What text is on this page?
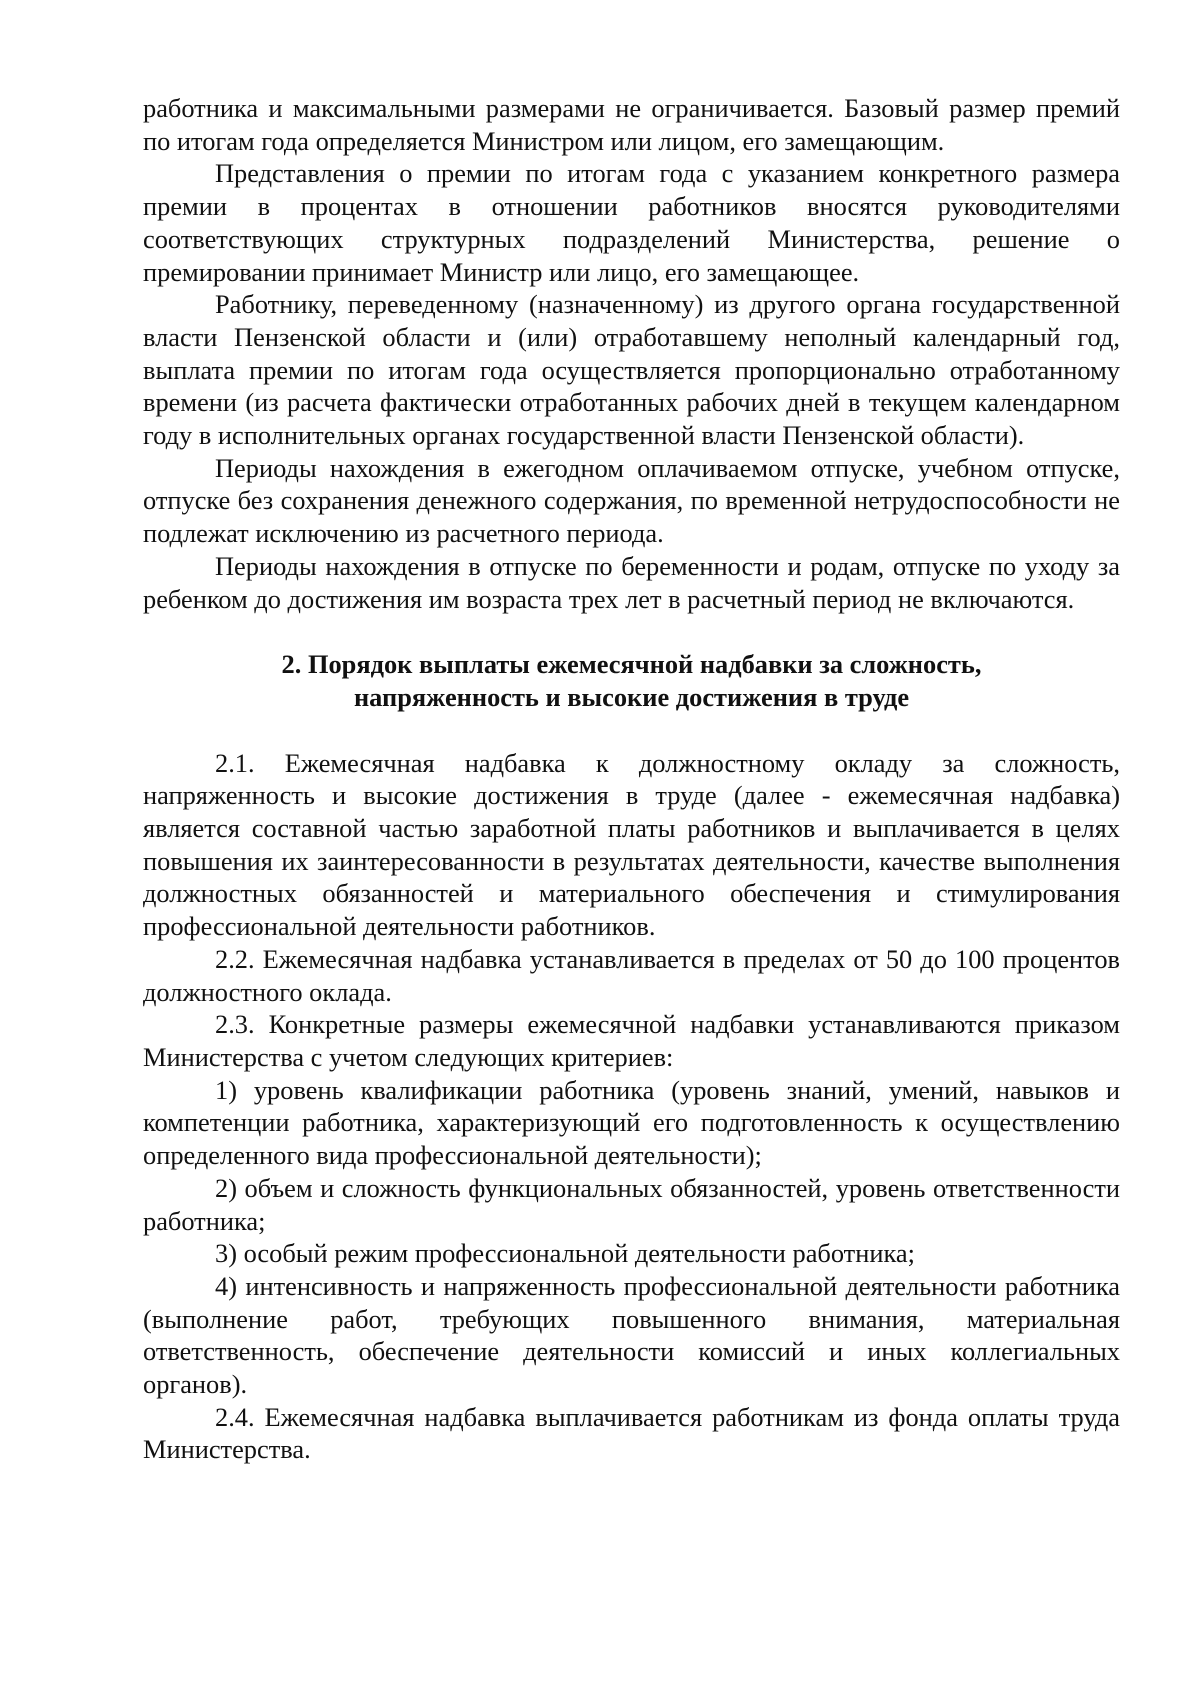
работника и максимальными размерами не ограничивается. Базовый размер премий по итогам года определяется Министром или лицом, его замещающим.

Представления о премии по итогам года с указанием конкретного размера премии в процентах в отношении работников вносятся руководителями соответствующих структурных подразделений Министерства, решение о премировании принимает Министр или лицо, его замещающее.

Работнику, переведенному (назначенному) из другого органа государственной власти Пензенской области и (или) отработавшему неполный календарный год, выплата премии по итогам года осуществляется пропорционально отработанному времени (из расчета фактически отработанных рабочих дней в текущем календарном году в исполнительных органах государственной власти Пензенской области).

Периоды нахождения в ежегодном оплачиваемом отпуске, учебном отпуске, отпуске без сохранения денежного содержания, по временной нетрудоспособности не подлежат исключению из расчетного периода.

Периоды нахождения в отпуске по беременности и родам, отпуске по уходу за ребенком до достижения им возраста трех лет в расчетный период не включаются.

2. Порядок выплаты ежемесячной надбавки за сложность,
напряженность и высокие достижения в труде

2.1. Ежемесячная надбавка к должностному окладу за сложность, напряженность и высокие достижения в труде (далее - ежемесячная надбавка) является составной частью заработной платы работников и выплачивается в целях повышения их заинтересованности в результатах деятельности, качестве выполнения должностных обязанностей и материального обеспечения и стимулирования профессиональной деятельности работников.

2.2. Ежемесячная надбавка устанавливается в пределах от 50 до 100 процентов должностного оклада.

2.3. Конкретные размеры ежемесячной надбавки устанавливаются приказом Министерства с учетом следующих критериев:

1) уровень квалификации работника (уровень знаний, умений, навыков и компетенции работника, характеризующий его подготовленность к осуществлению определенного вида профессиональной деятельности);

2) объем и сложность функциональных обязанностей, уровень ответственности работника;

3) особый режим профессиональной деятельности работника;

4) интенсивность и напряженность профессиональной деятельности работника (выполнение работ, требующих повышенного внимания, материальная ответственность, обеспечение деятельности комиссий и иных коллегиальных органов).

2.4. Ежемесячная надбавка выплачивается работникам из фонда оплаты труда Министерства.
